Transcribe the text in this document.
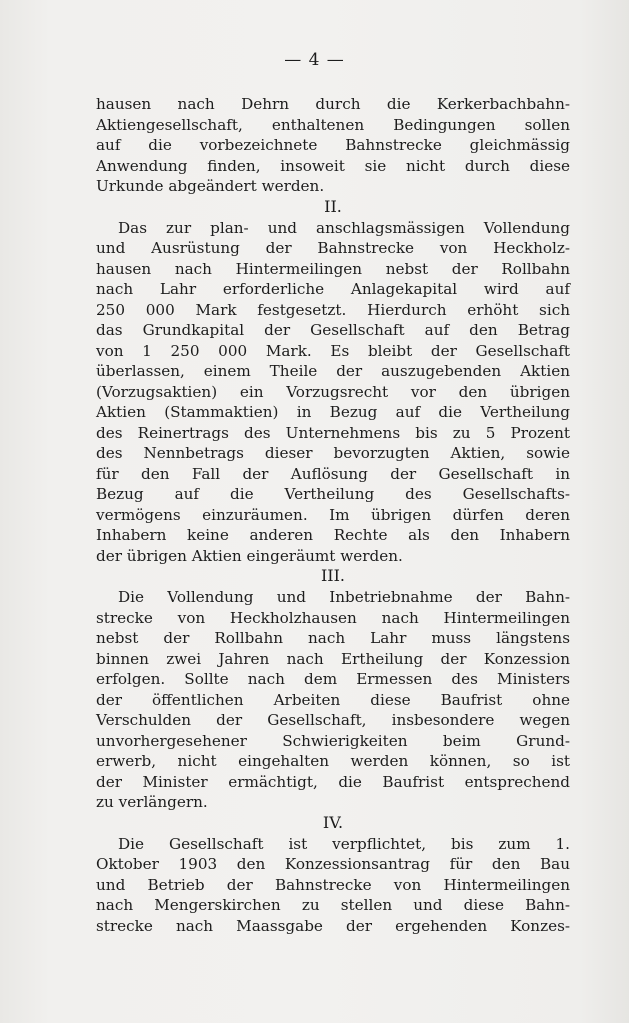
— 4 —
hausen nach Dehrn durch die Kerkerbachbahn-
Aktiengesellschaft, enthaltenen Bedingungen sollen
auf die vorbezeichnete Bahnstrecke gleichmässig
Anwendung finden, insoweit sie nicht durch diese
Urkunde abgeändert werden.
II.
Das zur plan- und anschlagsmässigen Vollendung
und Ausrüstung der Bahnstrecke von Heckholz-
hausen nach Hintermeilingen nebst der Rollbahn
nach Lahr erforderliche Anlagekapital wird auf
250 000 Mark festgesetzt. Hierdurch erhöht sich
das Grundkapital der Gesellschaft auf den Betrag
von 1 250 000 Mark. Es bleibt der Gesellschaft
überlassen, einem Theile der auszugebenden Aktien
(Vorzugsaktien) ein Vorzugsrecht vor den übrigen
Aktien (Stammaktien) in Bezug auf die Vertheilung
des Reinertrags des Unternehmens bis zu 5 Prozent
des Nennbetrags dieser bevorzugten Aktien, sowie
für den Fall der Auflösung der Gesellschaft in
Bezug auf die Vertheilung des Gesellschafts-
vermögens einzuräumen. Im übrigen dürfen deren
Inhabern keine anderen Rechte als den Inhabern
der übrigen Aktien eingeräumt werden.
III.
Die Vollendung und Inbetriebnahme der Bahn-
strecke von Heckholzhausen nach Hintermeilingen
nebst der Rollbahn nach Lahr muss längstens
binnen zwei Jahren nach Ertheilung der Konzession
erfolgen. Sollte nach dem Ermessen des Ministers
der öffentlichen Arbeiten diese Baufrist ohne
Verschulden der Gesellschaft, insbesondere wegen
unvorhergesehener Schwierigkeiten beim Grund-
erwerb, nicht eingehalten werden können, so ist
der Minister ermächtigt, die Baufrist entsprechend
zu verlängern.
IV.
Die Gesellschaft ist verpflichtet, bis zum 1.
Oktober 1903 den Konzessionsantrag für den Bau
und Betrieb der Bahnstrecke von Hintermeilingen
nach Mengerskirchen zu stellen und diese Bahn-
strecke nach Maassgabe der ergehenden Konzes-
